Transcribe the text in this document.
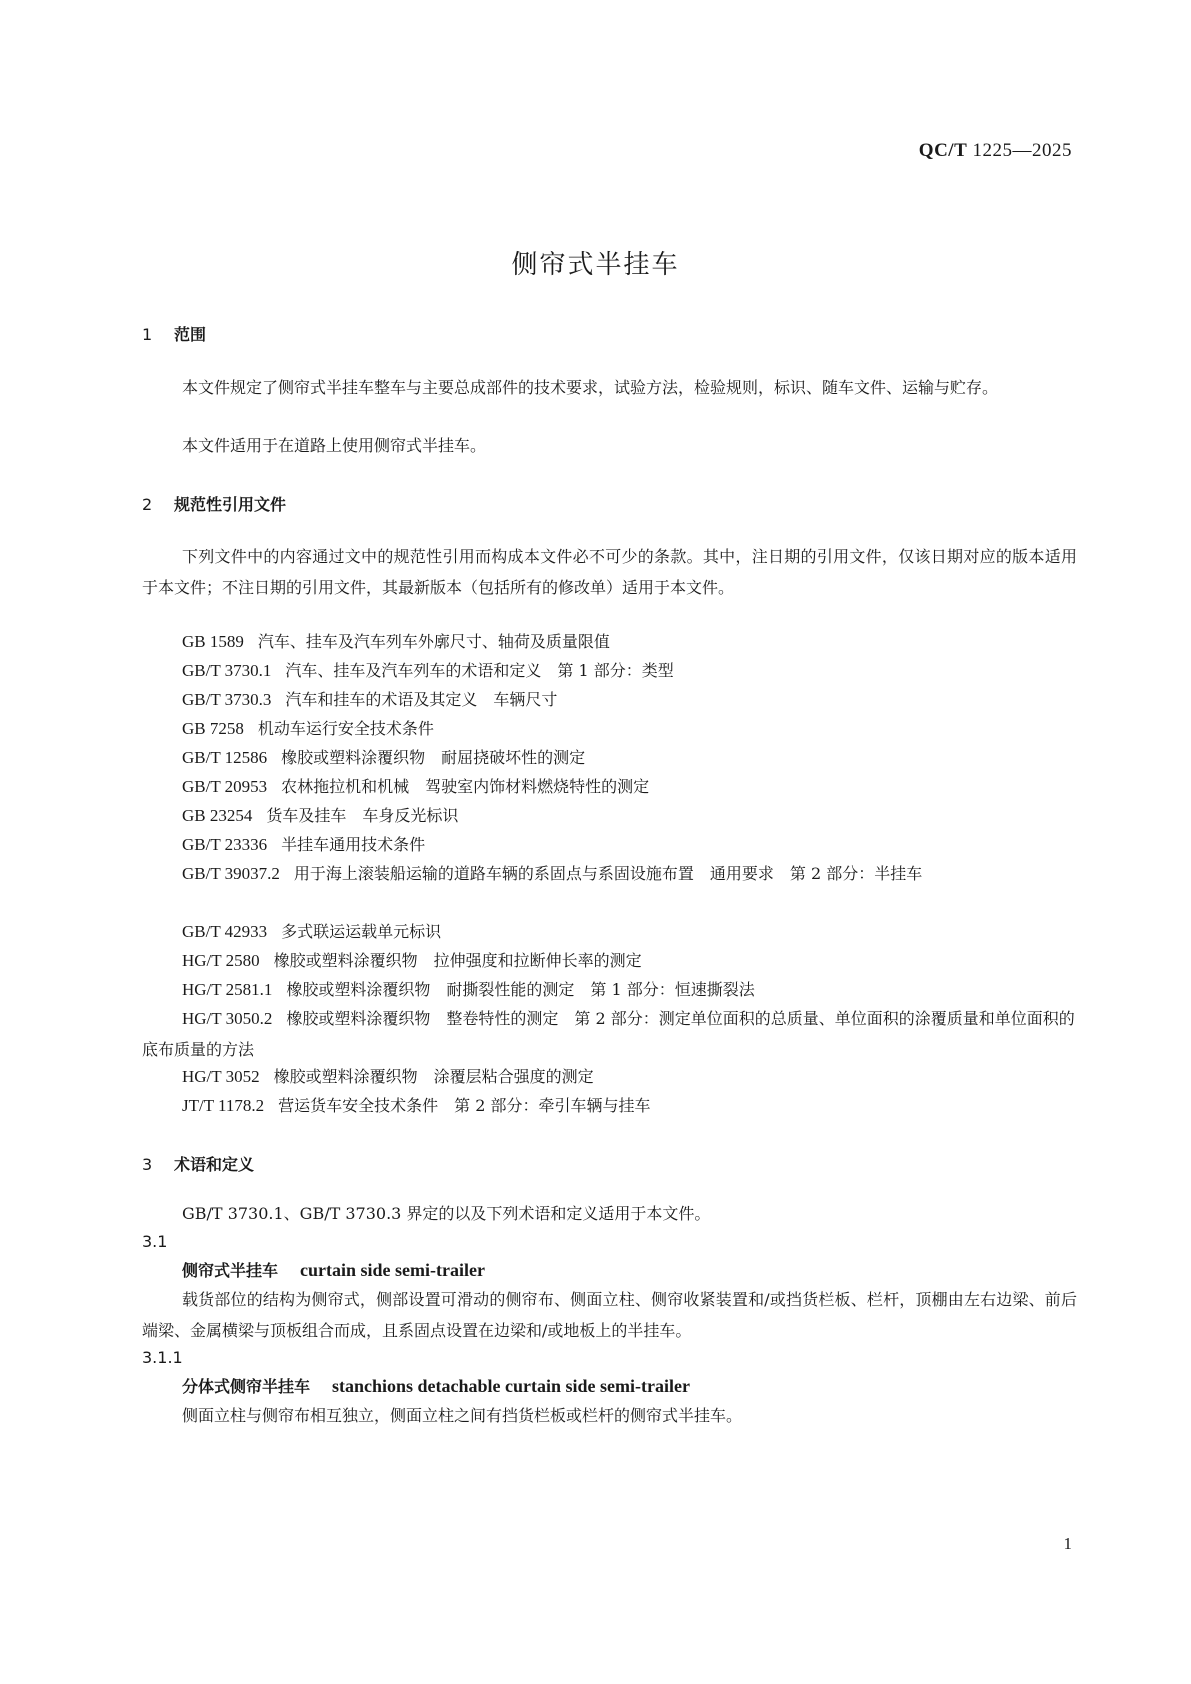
QC/T 1225—2025
侧帘式半挂车
1 范围
本文件规定了侧帘式半挂车整车与主要总成部件的技术要求，试验方法，检验规则，标识、随车文件、运输与贮存。
本文件适用于在道路上使用侧帘式半挂车。
2 规范性引用文件
下列文件中的内容通过文中的规范性引用而构成本文件必不可少的条款。其中，注日期的引用文件，仅该日期对应的版本适用于本文件；不注日期的引用文件，其最新版本（包括所有的修改单）适用于本文件。
GB 1589 汽车、挂车及汽车列车外廓尺寸、轴荷及质量限值
GB/T 3730.1 汽车、挂车及汽车列车的术语和定义　第 1 部分：类型
GB/T 3730.3 汽车和挂车的术语及其定义　车辆尺寸
GB 7258 机动车运行安全技术条件
GB/T 12586 橡胶或塑料涂覆织物　耐屈挠破坏性的测定
GB/T 20953 农林拖拉机和机械　驾驶室内饰材料燃烧特性的测定
GB 23254 货车及挂车　车身反光标识
GB/T 23336 半挂车通用技术条件
GB/T 39037.2 用于海上滚装船运输的道路车辆的系固点与系固设施布置　通用要求　第 2 部分：半挂车
GB/T 42933 多式联运运载单元标识
HG/T 2580 橡胶或塑料涂覆织物　拉伸强度和拉断伸长率的测定
HG/T 2581.1 橡胶或塑料涂覆织物　耐撕裂性能的测定　第 1 部分：恒速撕裂法
HG/T 3050.2 橡胶或塑料涂覆织物　整卷特性的测定　第 2 部分：测定单位面积的总质量、单位面积的涂覆质量和单位面积的底布质量的方法
HG/T 3052 橡胶或塑料涂覆织物　涂覆层粘合强度的测定
JT/T 1178.2 营运货车安全技术条件　第 2 部分：牵引车辆与挂车
3 术语和定义
GB/T 3730.1、GB/T 3730.3 界定的以及下列术语和定义适用于本文件。
3.1
侧帘式半挂车 curtain side semi-trailer
载货部位的结构为侧帘式，侧部设置可滑动的侧帘布、侧面立柱、侧帘收紧装置和/或挡货栏板、栏杆，顶棚由左右边梁、前后端梁、金属横梁与顶板组合而成，且系固点设置在边梁和/或地板上的半挂车。
3.1.1
分体式侧帘半挂车 stanchions detachable curtain side semi-trailer
侧面立柱与侧帘布相互独立，侧面立柱之间有挡货栏板或栏杆的侧帘式半挂车。
1
